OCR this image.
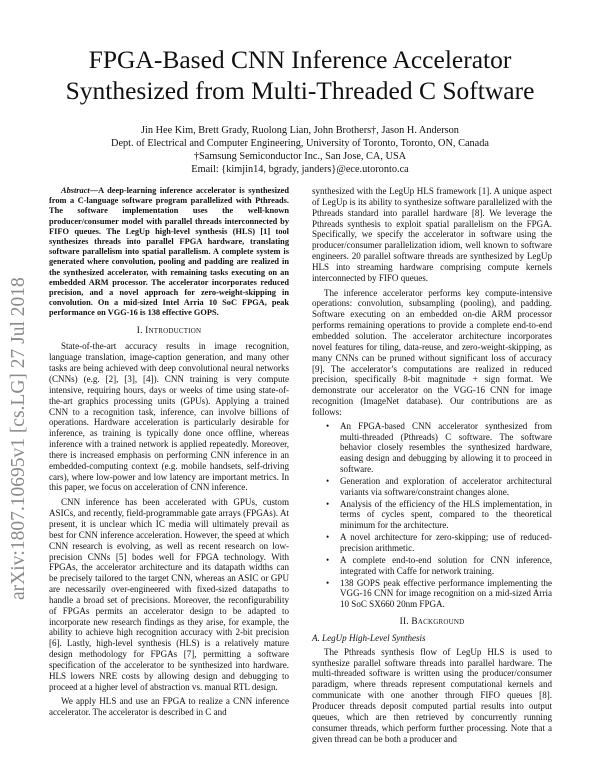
arXiv:1807.10695v1 [cs.LG] 27 Jul 2018
FPGA-Based CNN Inference Accelerator
Synthesized from Multi-Threaded C Software
Jin Hee Kim, Brett Grady, Ruolong Lian, John Brothers†, Jason H. Anderson
Dept. of Electrical and Computer Engineering, University of Toronto, Toronto, ON, Canada
†Samsung Semiconductor Inc., San Jose, CA, USA
Email: {kimjin14, bgrady, janders}@ece.utoronto.ca

Abstract—A deep-learning inference accelerator is synthesized from a C-language software program parallelized with Pthreads. The software implementation uses the well-known producer/consumer model with parallel threads interconnected by FIFO queues. The LegUp high-level synthesis (HLS) [1] tool synthesizes threads into parallel FPGA hardware, translating software parallelism into spatial parallelism. A complete system is generated where convolution, pooling and padding are realized in the synthesized accelerator, with remaining tasks executing on an embedded ARM processor. The accelerator incorporates reduced precision, and a novel approach for zero-weight-skipping in convolution. On a mid-sized Intel Arria 10 SoC FPGA, peak performance on VGG-16 is 138 effective GOPS.

I. Introduction

State-of-the-art accuracy results in image recognition, language translation, image-caption generation, and many other tasks are being achieved with deep convolutional neural networks (CNNs) (e.g. [2], [3], [4]). CNN training is very compute intensive, requiring hours, days or weeks of time using state-of-the-art graphics processing units (GPUs). Applying a trained CNN to a recognition task, inference, can involve billions of operations. Hardware acceleration is particularly desirable for inference, as training is typically done once offline, whereas inference with a trained network is applied repeatedly. Moreover, there is increased emphasis on performing CNN inference in an embedded-computing context (e.g. mobile handsets, self-driving cars), where low-power and low latency are important metrics. In this paper, we focus on acceleration of CNN inference.

CNN inference has been accelerated with GPUs, custom ASICs, and recently, field-programmable gate arrays (FPGAs). At present, it is unclear which IC media will ultimately prevail as best for CNN inference acceleration. However, the speed at which CNN research is evolving, as well as recent research on low-precision CNNs [5] bodes well for FPGA technology. With FPGAs, the accelerator architecture and its datapath widths can be precisely tailored to the target CNN, whereas an ASIC or GPU are necessarily over-engineered with fixed-sized datapaths to handle a broad set of precisions. Moreover, the reconfigurability of FPGAs permits an accelerator design to be adapted to incorporate new research findings as they arise, for example, the ability to achieve high recognition accuracy with 2-bit precision [6]. Lastly, high-level synthesis (HLS) is a relatively mature design methodology for FPGAs [7], permitting a software specification of the accelerator to be synthesized into hardware. HLS lowers NRE costs by allowing design and debugging to proceed at a higher level of abstraction vs. manual RTL design.

We apply HLS and use an FPGA to realize a CNN inference accelerator. The accelerator is described in C and

synthesized with the LegUp HLS framework [1]. A unique aspect of LegUp is its ability to synthesize software parallelized with the Pthreads standard into parallel hardware [8]. We leverage the Pthreads synthesis to exploit spatial parallelism on the FPGA. Specifically, we specify the accelerator in software using the producer/consumer parallelization idiom, well known to software engineers. 20 parallel software threads are synthesized by LegUp HLS into streaming hardware comprising compute kernels interconnected by FIFO queues.

The inference accelerator performs key compute-intensive operations: convolution, subsampling (pooling), and padding. Software executing on an embedded on-die ARM processor performs remaining operations to provide a complete end-to-end embedded solution. The accelerator architecture incorporates novel features for tiling, data-reuse, and zero-weight-skipping, as many CNNs can be pruned without significant loss of accuracy [9]. The accelerator’s computations are realized in reduced precision, specifically 8-bit magnitude + sign format. We demonstrate our accelerator on the VGG-16 CNN for image recognition (ImageNet database). Our contributions are as follows:

• An FPGA-based CNN accelerator synthesized from multi-threaded (Pthreads) C software. The software behavior closely resembles the synthesized hardware, easing design and debugging by allowing it to proceed in software.
• Generation and exploration of accelerator architectural variants via software/constraint changes alone.
• Analysis of the efficiency of the HLS implementation, in terms of cycles spent, compared to the theoretical minimum for the architecture.
• A novel architecture for zero-skipping; use of reduced-precision arithmetic.
• A complete end-to-end solution for CNN inference, integrated with Caffe for network training.
• 138 GOPS peak effective performance implementing the VGG-16 CNN for image recognition on a mid-sized Arria 10 SoC SX660 20nm FPGA.
II. Background
A. LegUp High-Level Synthesis

The Pthreads synthesis flow of LegUp HLS is used to synthesize parallel software threads into parallel hardware. The multi-threaded software is written using the producer/consumer paradigm, where threads represent computational kernels and communicate with one another through FIFO queues [8]. Producer threads deposit computed partial results into output queues, which are then retrieved by concurrently running consumer threads, which perform further processing. Note that a given thread can be both a producer and
